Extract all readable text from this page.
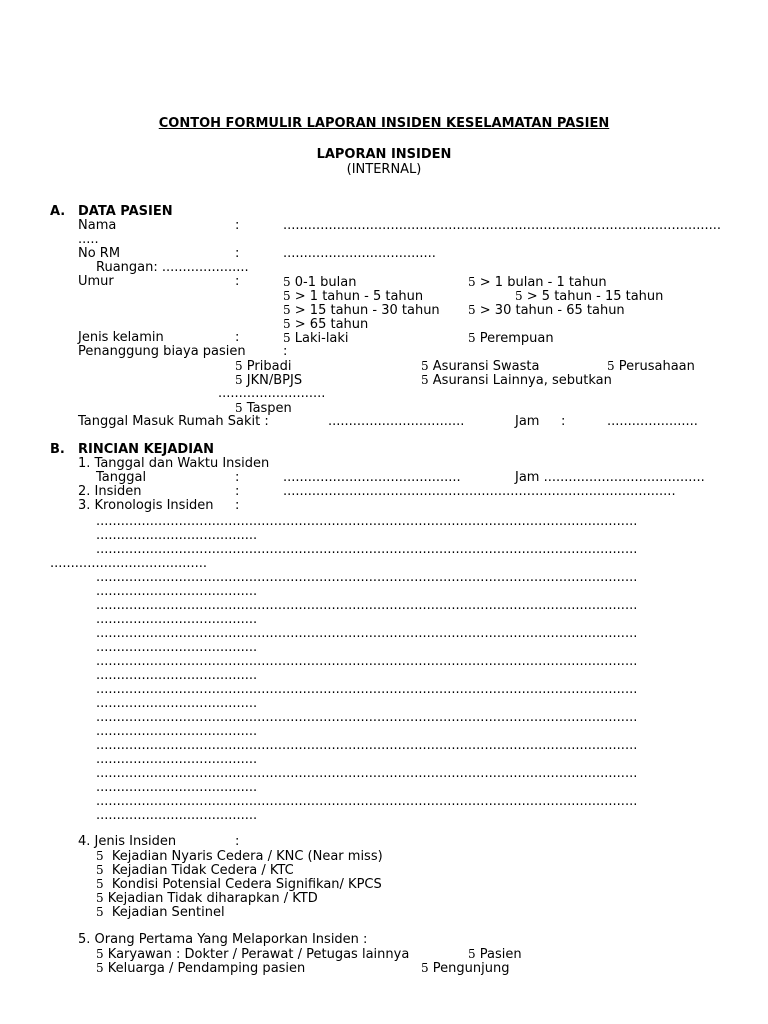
CONTOH FORMULIR LAPORAN INSIDEN KESELAMATAN PASIEN
LAPORAN INSIDEN
(INTERNAL)
A. DATA PASIEN
Nama	:	..........................................................................................................
.....
No RM	:	.....................................
Ruangan: .....................
Umur	:	5 0-1 bulan	5 > 1 bulan - 1 tahun
5 > 1 tahun - 5 tahun	5 > 5 tahun - 15 tahun
5 > 15 tahun - 30 tahun 5 > 30 tahun - 65 tahun
5 > 65 tahun
Jenis kelamin	:	5 Laki-laki	5 Perempuan
Penanggung biaya pasien	:
5 Pribadi	5 Asuransi Swasta	5 Perusahaan
5 JKN/BPJS	5 Asuransi Lainnya, sebutkan
..........................
5 Taspen
Tanggal Masuk Rumah Sakit :	.................................	Jam :	......................
B. RINCIAN KEJADIAN
1. Tanggal dan Waktu Insiden
Tanggal	:	...........................................	Jam .......................................
2. Insiden	:	...............................................................................................
3. Kronologis Insiden :
...................................................................................................................................
.......................................
...................................................................................................................................
......................................
...................................................................................................................................
.......................................
...................................................................................................................................
.......................................
...................................................................................................................................
.......................................
...................................................................................................................................
.......................................
...................................................................................................................................
.......................................
...................................................................................................................................
.......................................
...................................................................................................................................
.......................................
...................................................................................................................................
.......................................
...................................................................................................................................
.......................................
4. Jenis Insiden	:
5 Kejadian Nyaris Cedera / KNC (Near miss)
5 Kejadian Tidak Cedera / KTC
5 Kondisi Potensial Cedera Signifikan/ KPCS
5 Kejadian Tidak diharapkan / KTD
5 Kejadian Sentinel
5. Orang Pertama Yang Melaporkan Insiden :
5 Karyawan : Dokter / Perawat / Petugas lainnya	5 Pasien
5 Keluarga / Pendamping pasien	5 Pengunjung
